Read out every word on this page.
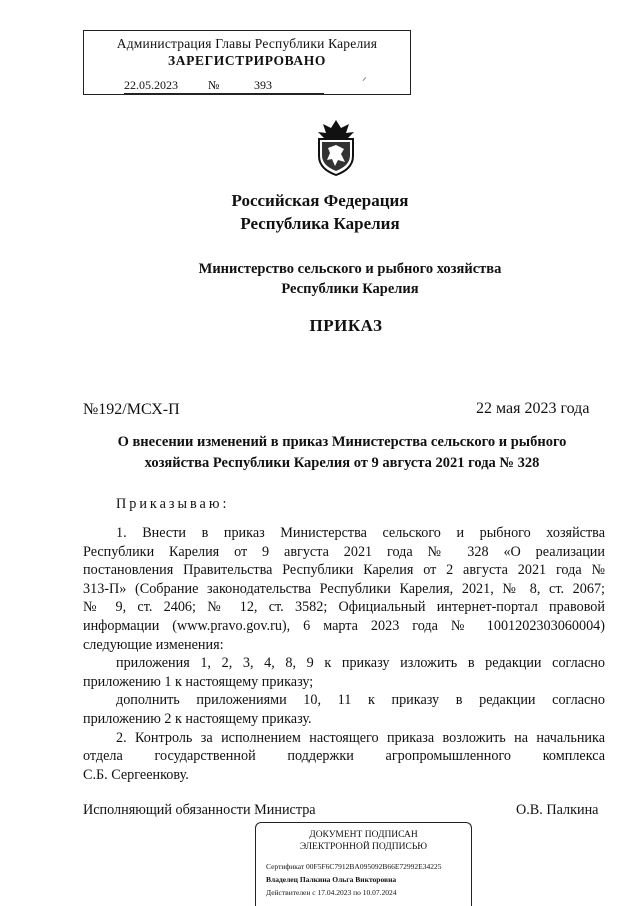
Администрация Главы Республики Карелия
ЗАРЕГИСТРИРОВАНО
22.05.2023	№	393
⸝
Российская Федерация
Республика Карелия
Министерство сельского и рыбного хозяйства
Республики Карелия
ПРИКАЗ
№192/МСХ-П	22 мая 2023 года
О внесении изменений в приказ Министерства сельского и рыбного
хозяйства Республики Карелия от 9 августа 2021 года № 328
Приказываю:
1. Внести в приказ Министерства сельского и рыбного хозяйства
Республики Карелия от 9 августа 2021 года № 328 «О реализации
постановления Правительства Республики Карелия от 2 августа 2021 года №
313-П» (Собрание законодательства Республики Карелия, 2021, № 8, ст. 2067;
№ 9, ст. 2406; № 12, ст. 3582; Официальный интернет-портал правовой
информации (www.pravo.gov.ru), 6 марта 2023 года № 1001202303060004)
следующие изменения:
приложения 1, 2, 3, 4, 8, 9 к приказу изложить в редакции согласно
приложению 1 к настоящему приказу;
дополнить приложениями 10, 11 к приказу в редакции согласно
приложению 2 к настоящему приказу.
2. Контроль за исполнением настоящего приказа возложить на начальника
отдела государственной поддержки агропромышленного комплекса
С.Б. Сергеенкову.
Исполняющий обязанности Министра	О.В. Палкина
ДОКУМЕНТ ПОДПИСАН
ЭЛЕКТРОННОЙ ПОДПИСЬЮ
Сертификат 00F5F6C7912BA095092B66E72992E34225
Владелец Палкина Ольга Викторовна
Действителен с 17.04.2023 по 10.07.2024
